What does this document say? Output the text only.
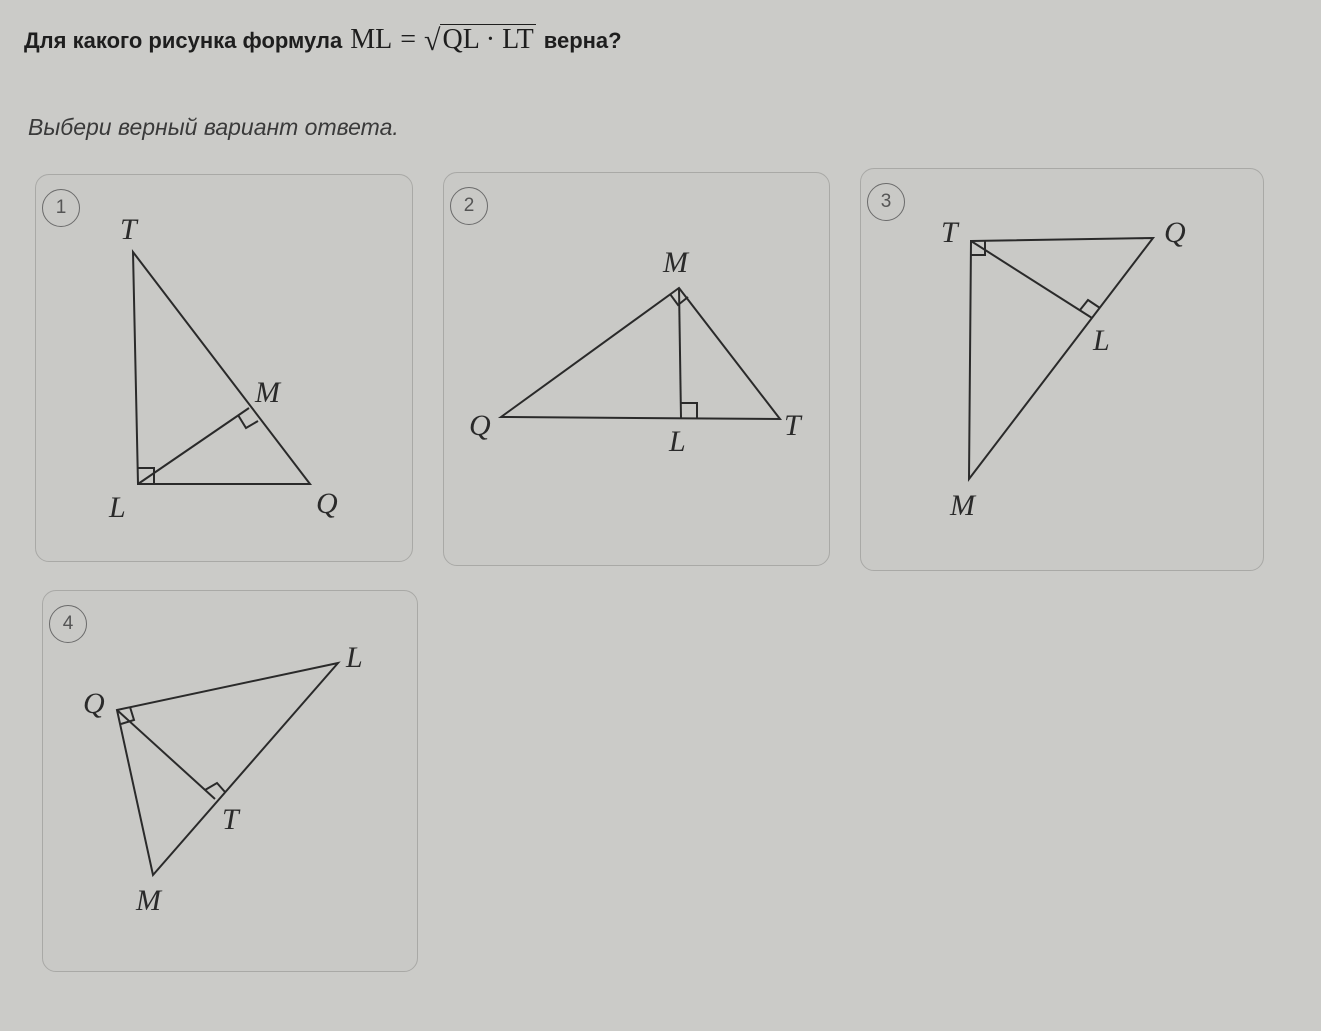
Для какого рисунка формула ML = √ QL · LT верна?
Выбери верный вариант ответа.
1
T
M
L	Q
2
M
Q	L	T
3
T	Q
L
M
4
L
Q
T
M
